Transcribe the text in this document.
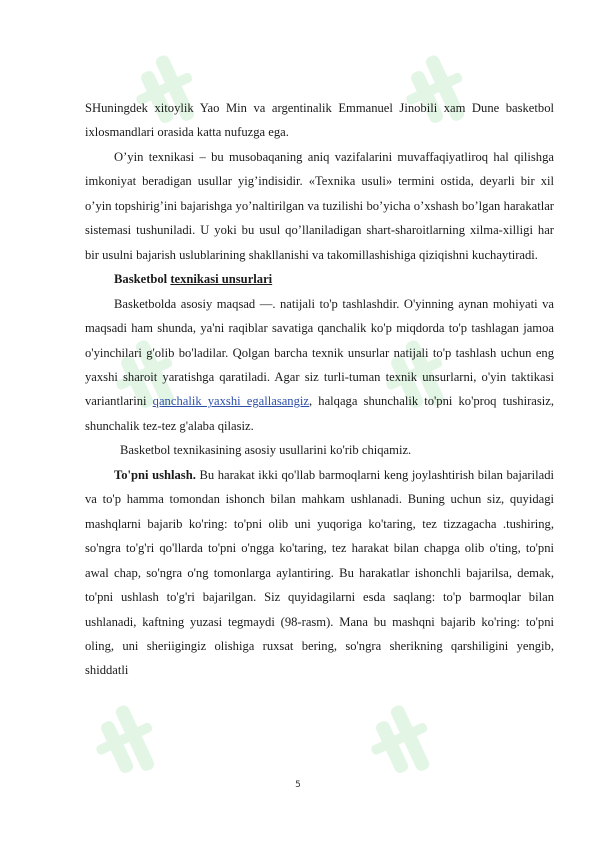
SHuningdek xitoylik Yao Min va argentinalik Emmanuel Jinobili xam Dune basketbol ixlosmandlari orasida katta nufuzga ega.

O’yin texnikasi – bu musobaqaning aniq vazifalarini muvaffaqiyatliroq hal qilishga imkoniyat beradigan usullar yig’indisidir. «Texnika usuli» termini ostida, deyarli bir xil o’yin topshirig’ini bajarishga yo’naltirilgan va tuzilishi bo’yicha o’xshash bo’lgan harakatlar sistemasi tushuniladi. U yoki bu usul qo’llaniladigan shart-sharoitlarning xilma-xilligi har bir usulni bajarish uslublarining shakllanishi va takomillashishiga qiziqishni kuchaytiradi.

Basketbol texnikasi unsurlari

Basketbolda asosiy maqsad —. natijali to'p tashlashdir. O'yinning aynan mohiyati va maqsadi ham shunda, ya'ni raqiblar savatiga qanchalik ko'p miqdorda to'p tashlagan jamoa o'yinchilari g'olib bo'ladilar. Qolgan barcha texnik unsurlar natijali to'p tashlash uchun eng yaxshi sharoit yaratishga qaratiladi. Agar siz turli-tuman texnik unsurlarni, o'yin taktikasi variantlarini qanchalik yaxshi egallasangiz, halqaga shunchalik to'pni ko'proq tushirasiz, shunchalik tez-tez g'alaba qilasiz.

Basketbol texnikasining asosiy usullarini ko'rib chiqamiz.

To'pni ushlash. Bu harakat ikki qo'llab barmoqlarni keng joylashtirish bilan bajariladi va to'p hamma tomondan ishonch bilan mahkam ushlanadi. Buning uchun siz, quyidagi mashqlarni bajarib ko'ring: to'pni olib uni yuqoriga ko'taring, tez tizzagacha .tushiring, so'ngra to'g'ri qo'llarda to'pni o'ngga ko'taring, tez harakat bilan chapga olib o'ting, to'pni awal chap, so'ngra o'ng tomonlarga aylantiring. Bu harakatlar ishonchli bajarilsa, demak, to'pni ushlash to'g'ri bajarilgan. Siz quyidagilarni esda saqlang: to'p barmoqlar bilan ushlanadi, kaftning yuzasi tegmaydi (98-rasm). Mana bu mashqni bajarib ko'ring: to'pni oling, uni sheriigingiz olishiga ruxsat bering, so'ngra sherikning qarshiligini yengib, shiddatli

5
